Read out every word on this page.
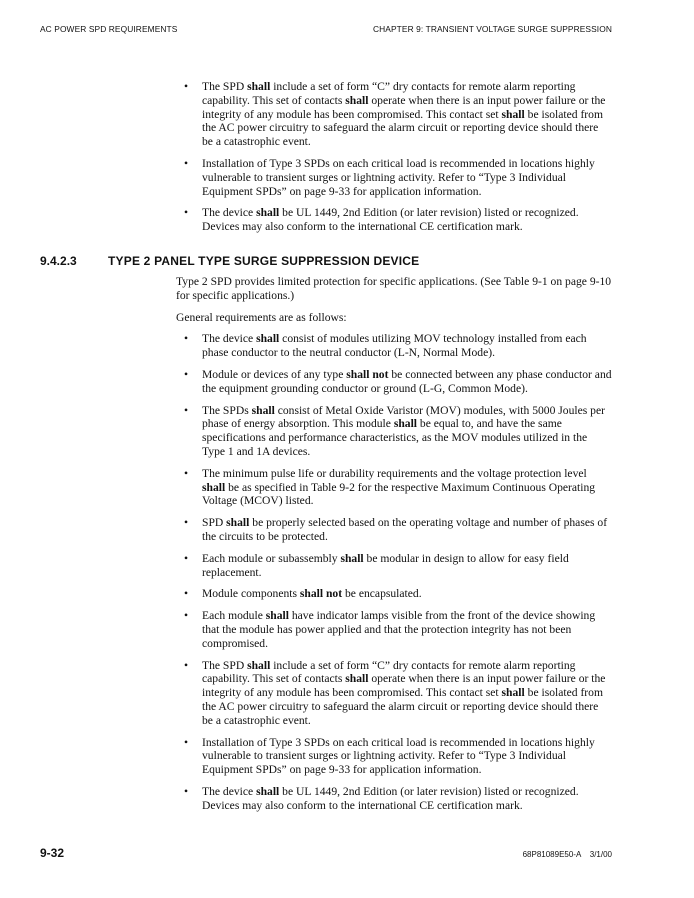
AC POWER SPD REQUIREMENTS	CHAPTER 9: TRANSIENT VOLTAGE SURGE SUPPRESSION
• The SPD shall include a set of form “C” dry contacts for remote alarm reporting capability. This set of contacts shall operate when there is an input power failure or the integrity of any module has been compromised. This contact set shall be isolated from the AC power circuitry to safeguard the alarm circuit or reporting device should there be a catastrophic event.
• Installation of Type 3 SPDs on each critical load is recommended in locations highly vulnerable to transient surges or lightning activity. Refer to “Type 3 Individual Equipment SPDs” on page 9-33 for application information.
• The device shall be UL 1449, 2nd Edition (or later revision) listed or recognized. Devices may also conform to the international CE certification mark.
9.4.2.3	TYPE 2 PANEL TYPE SURGE SUPPRESSION DEVICE

Type 2 SPD provides limited protection for specific applications. (See Table 9-1 on page 9-10 for specific applications.)

General requirements are as follows:

• The device shall consist of modules utilizing MOV technology installed from each phase conductor to the neutral conductor (L-N, Normal Mode).
• Module or devices of any type shall not be connected between any phase conductor and the equipment grounding conductor or ground (L-G, Common Mode).
• The SPDs shall consist of Metal Oxide Varistor (MOV) modules, with 5000 Joules per phase of energy absorption. This module shall be equal to, and have the same specifications and performance characteristics, as the MOV modules utilized in the Type 1 and 1A devices.
• The minimum pulse life or durability requirements and the voltage protection level shall be as specified in Table 9-2 for the respective Maximum Continuous Operating Voltage (MCOV) listed.
• SPD shall be properly selected based on the operating voltage and number of phases of the circuits to be protected.
• Each module or subassembly shall be modular in design to allow for easy field replacement.
• Module components shall not be encapsulated.
• Each module shall have indicator lamps visible from the front of the device showing that the module has power applied and that the protection integrity has not been compromised.
• The SPD shall include a set of form “C” dry contacts for remote alarm reporting capability. This set of contacts shall operate when there is an input power failure or the integrity of any module has been compromised. This contact set shall be isolated from the AC power circuitry to safeguard the alarm circuit or reporting device should there be a catastrophic event.
• Installation of Type 3 SPDs on each critical load is recommended in locations highly vulnerable to transient surges or lightning activity. Refer to “Type 3 Individual Equipment SPDs” on page 9-33 for application information.
• The device shall be UL 1449, 2nd Edition (or later revision) listed or recognized. Devices may also conform to the international CE certification mark.
9-32	68P81089E50-A    3/1/00
